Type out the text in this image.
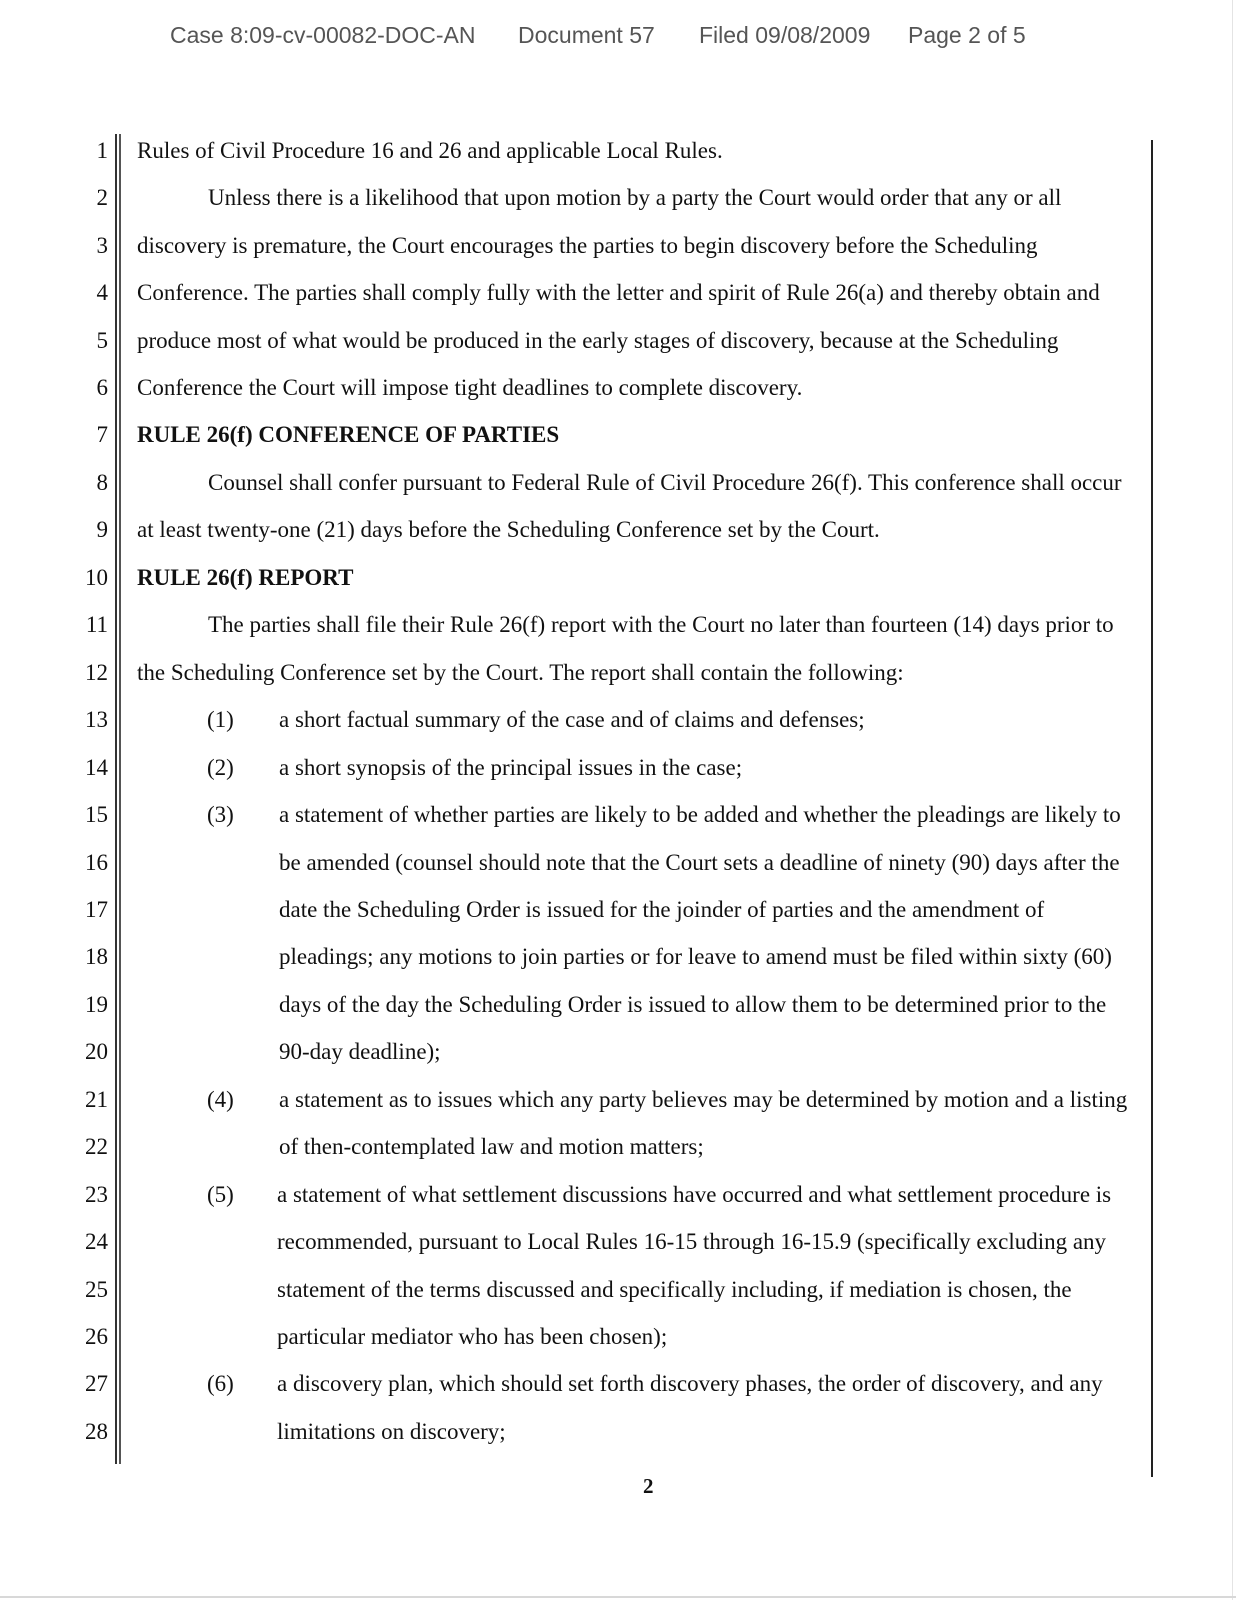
Case 8:09-cv-00082-DOC-AN Document 57 Filed 09/08/2009 Page 2 of 5
1
2
3
4
5
6
7
8
9
10
11
12
13
14
15
16
17
18
19
20
21
22
23
24
25
26
27
28
Rules of Civil Procedure 16 and 26 and applicable Local Rules.
Unless there is a likelihood that upon motion by a party the Court would order that any or all
discovery is premature, the Court encourages the parties to begin discovery before the Scheduling
Conference. The parties shall comply fully with the letter and spirit of Rule 26(a) and thereby obtain and
produce most of what would be produced in the early stages of discovery, because at the Scheduling
Conference the Court will impose tight deadlines to complete discovery.
RULE 26(f) CONFERENCE OF PARTIES
Counsel shall confer pursuant to Federal Rule of Civil Procedure 26(f). This conference shall occur
at least twenty-one (21) days before the Scheduling Conference set by the Court.
RULE 26(f) REPORT
The parties shall file their Rule 26(f) report with the Court no later than fourteen (14) days prior to
the Scheduling Conference set by the Court. The report shall contain the following:
(1) a short factual summary of the case and of claims and defenses;
(2) a short synopsis of the principal issues in the case;
(3) a statement of whether parties are likely to be added and whether the pleadings are likely to
be amended (counsel should note that the Court sets a deadline of ninety (90) days after the
date the Scheduling Order is issued for the joinder of parties and the amendment of
pleadings; any motions to join parties or for leave to amend must be filed within sixty (60)
days of the day the Scheduling Order is issued to allow them to be determined prior to the
90-day deadline);
(4) a statement as to issues which any party believes may be determined by motion and a listing
of then-contemplated law and motion matters;
(5) a statement of what settlement discussions have occurred and what settlement procedure is
recommended, pursuant to Local Rules 16-15 through 16-15.9 (specifically excluding any
statement of the terms discussed and specifically including, if mediation is chosen, the
particular mediator who has been chosen);
(6) a discovery plan, which should set forth discovery phases, the order of discovery, and any
limitations on discovery;
2
